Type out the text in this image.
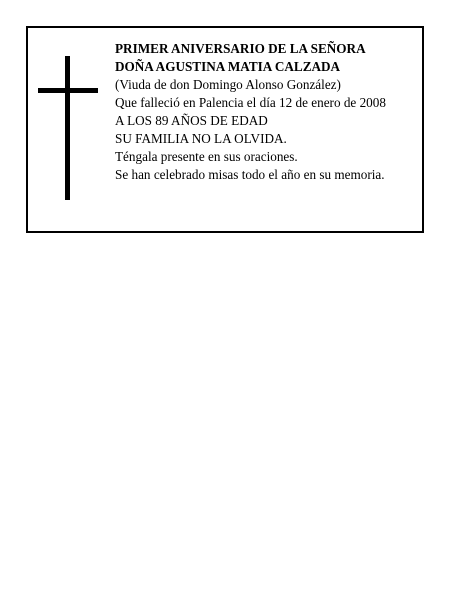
PRIMER ANIVERSARIO DE LA SEÑORA
DOÑA AGUSTINA MATIA CALZADA
(Viuda de don Domingo Alonso González)
Que falleció en Palencia el día 12 de enero de 2008
A LOS 89 AÑOS DE EDAD
SU FAMILIA NO LA OLVIDA.
Téngala presente en sus oraciones.
Se han celebrado misas todo el año en su memoria.
